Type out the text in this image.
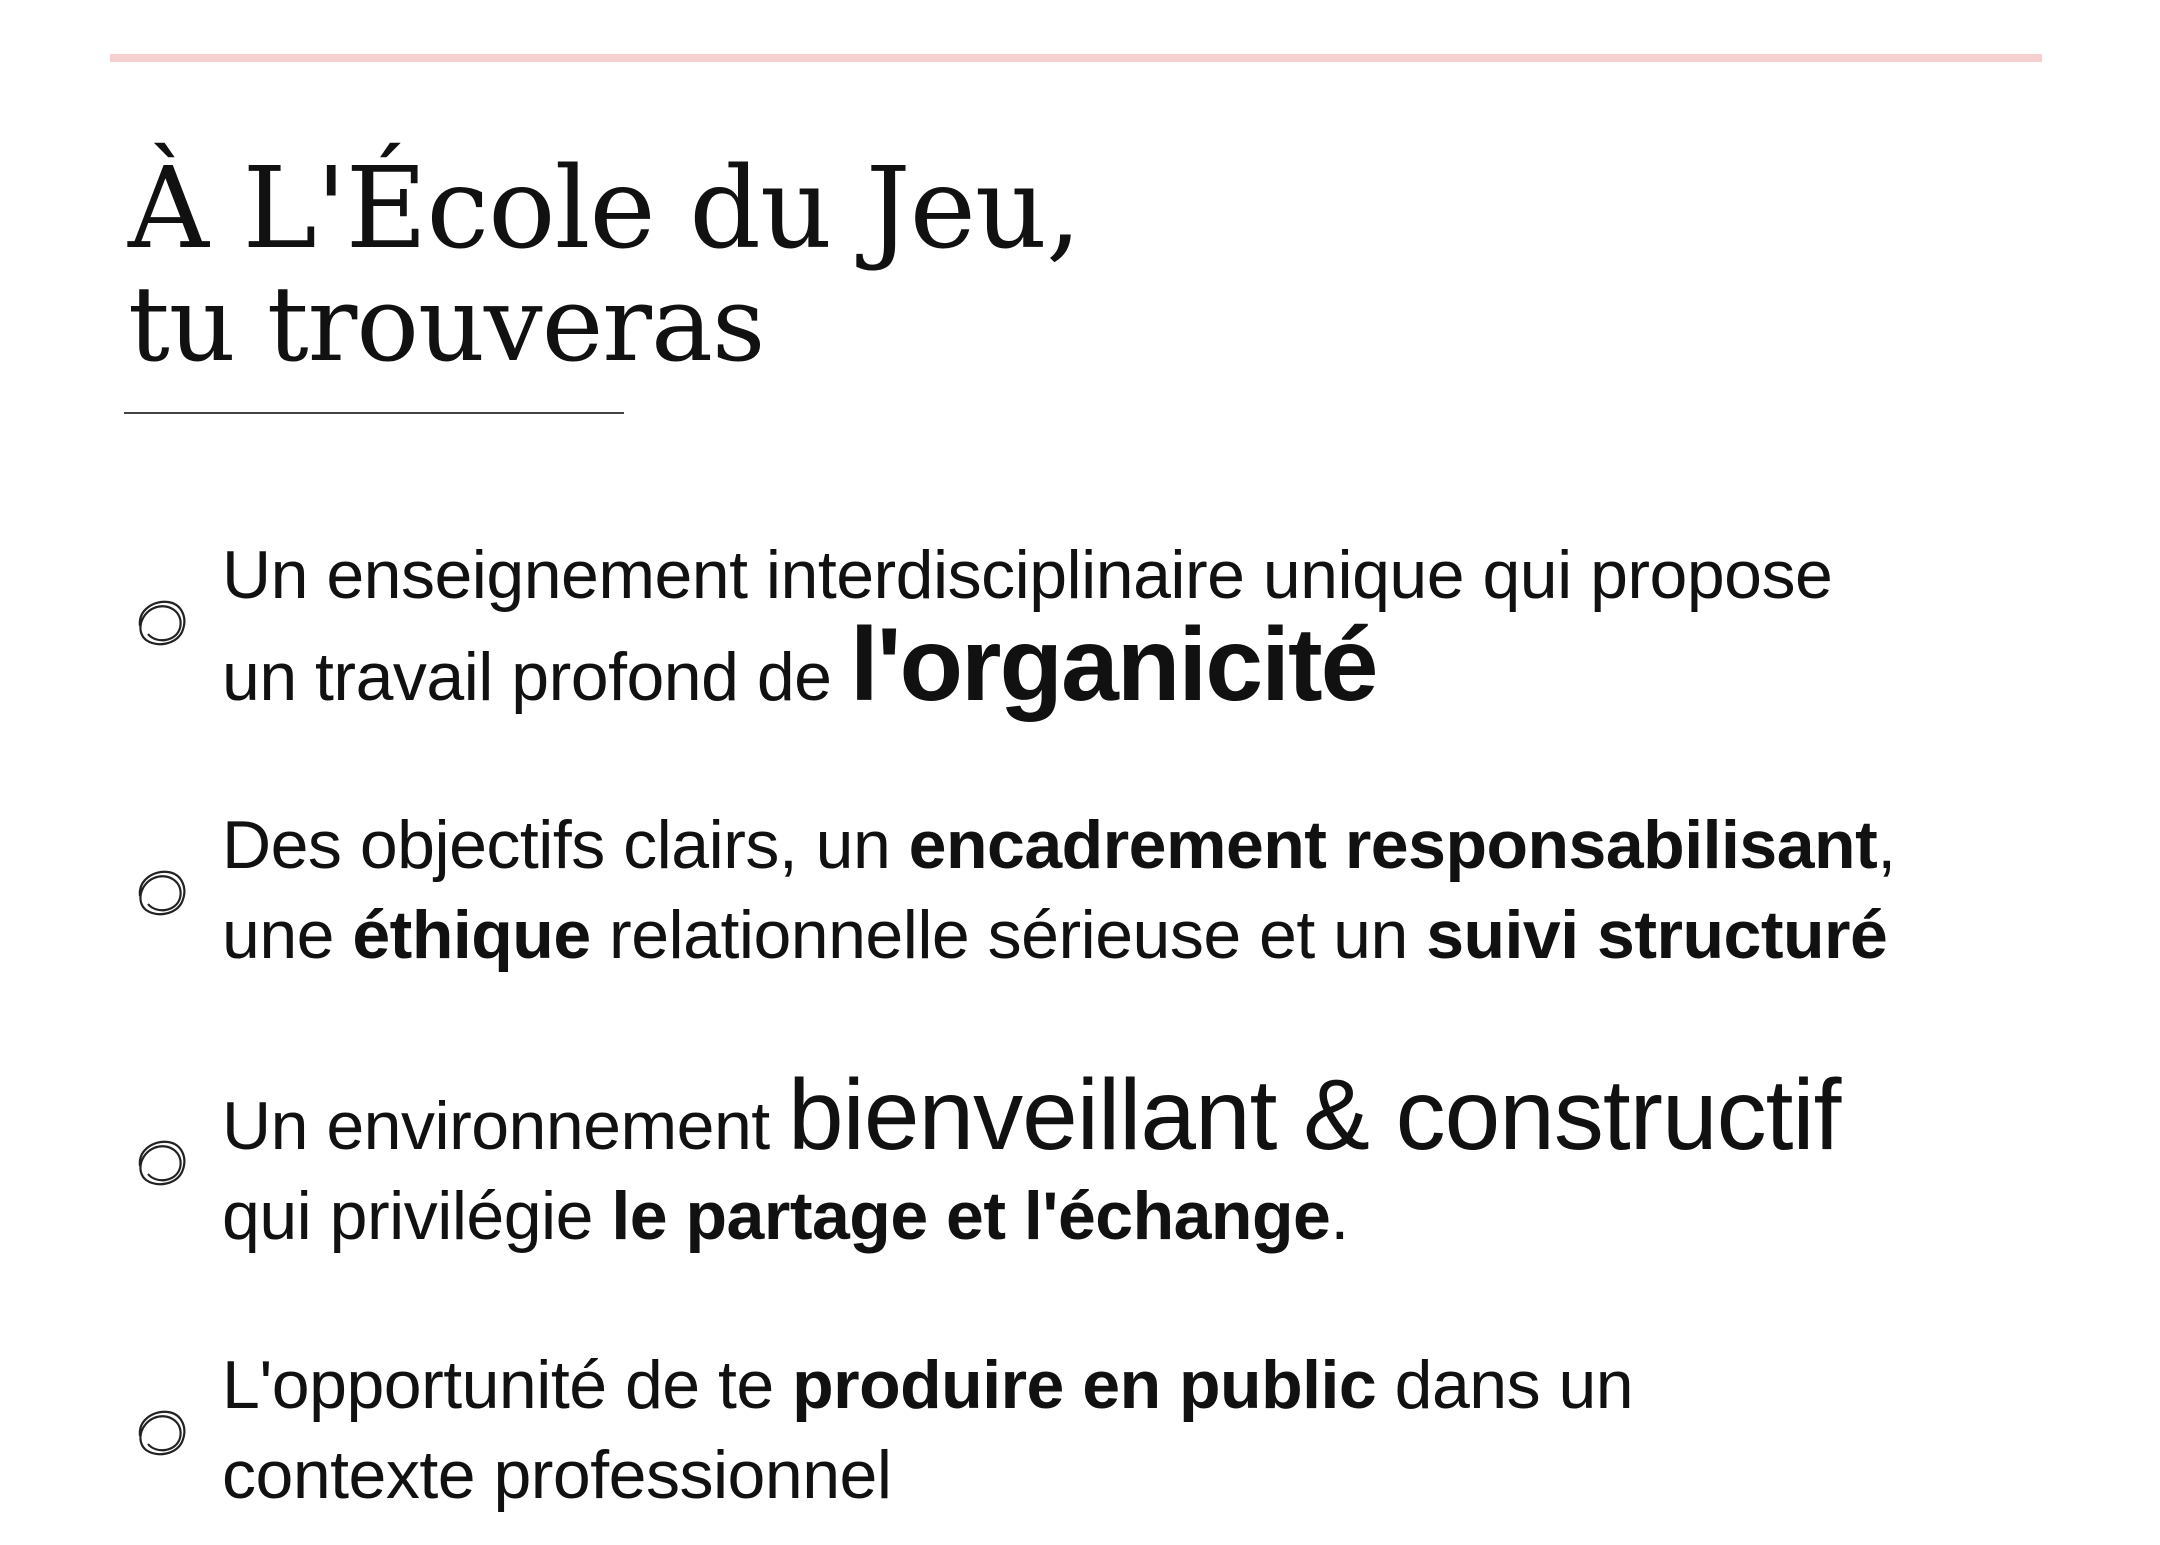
À L'École du Jeu,
tu trouveras
Un enseignement interdisciplinaire unique qui propose
un travail profond de l'organicité
Des objectifs clairs, un encadrement responsabilisant,
une éthique relationnelle sérieuse et un suivi structuré
Un environnement bienveillant & constructif
qui privilégie le partage et l'échange.
L'opportunité de te produire en public dans un
contexte professionnel
